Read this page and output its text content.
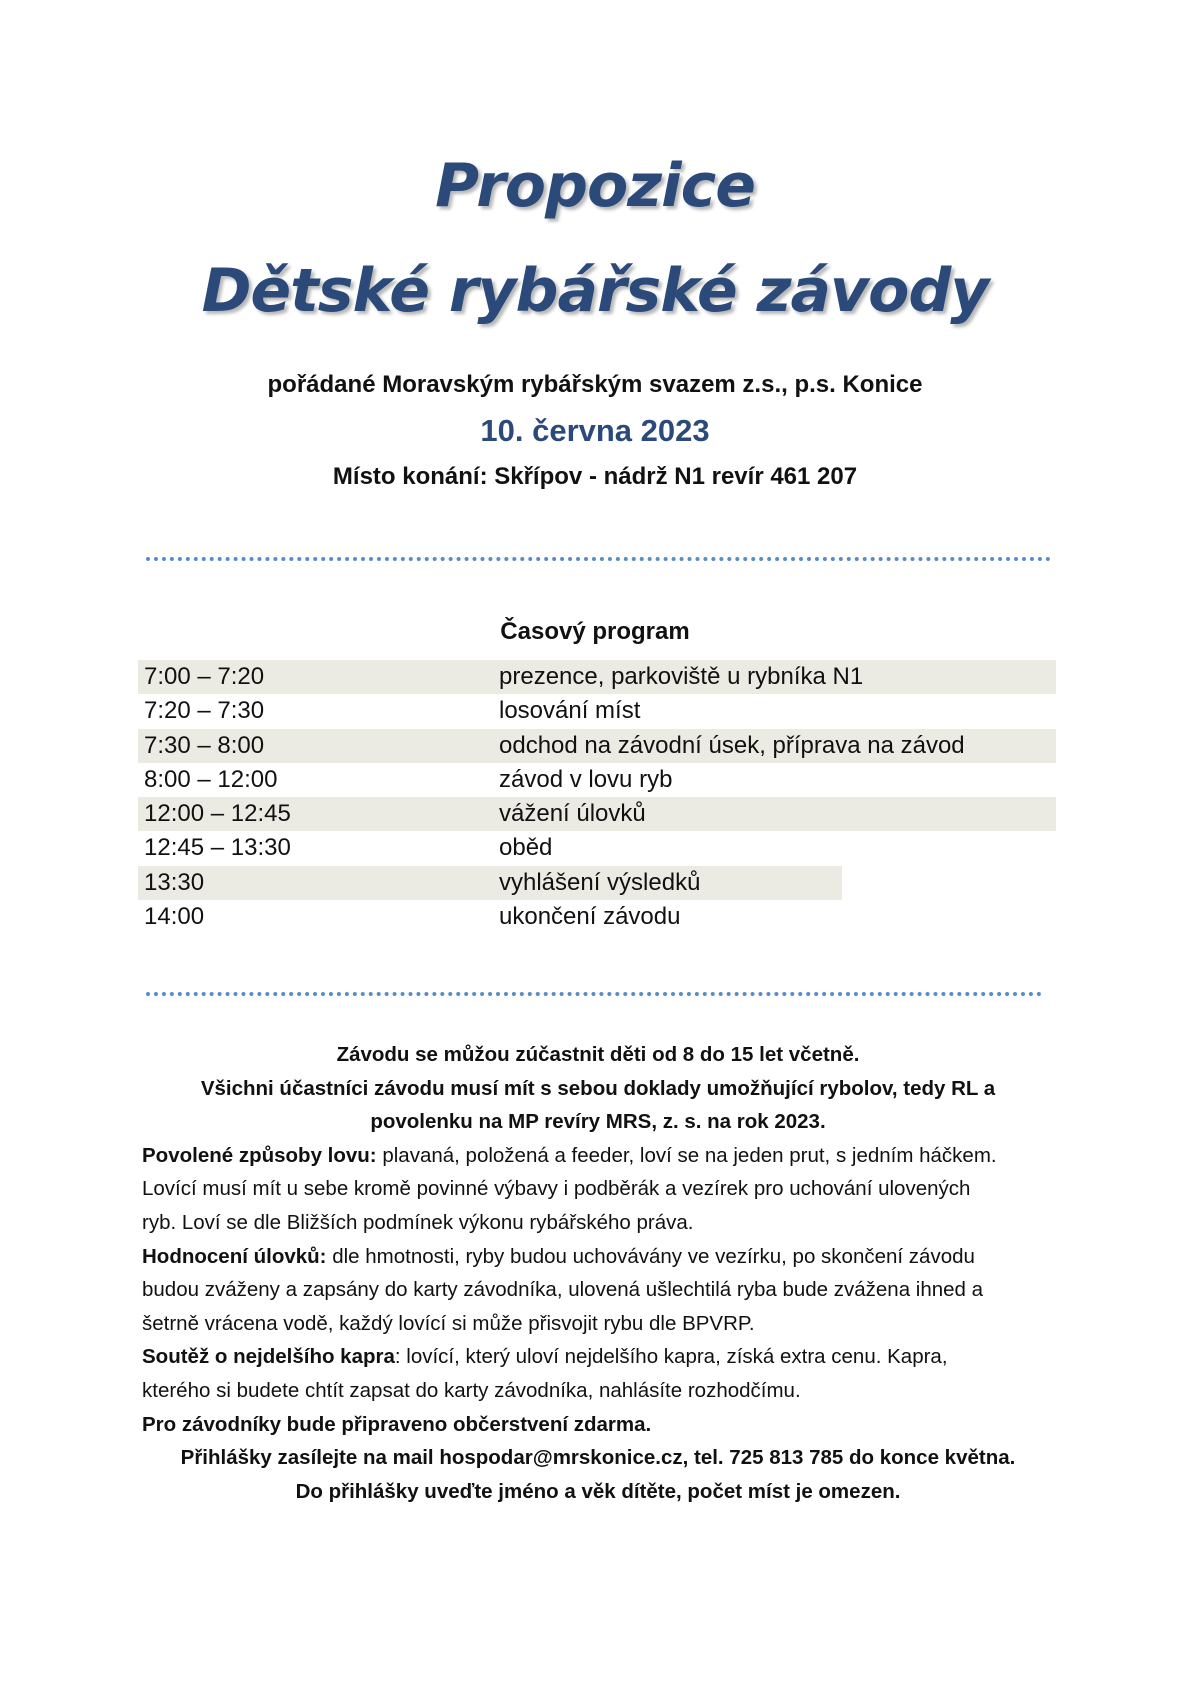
Propozice
Dětské rybářské závody
pořádané Moravským rybářským svazem z.s., p.s. Konice
10. června 2023
Místo konání: Skřípov - nádrž N1 revír 461 207
Časový program
7:00 – 7:20	prezence, parkoviště u rybníka N1
7:20 – 7:30	losování míst
7:30 – 8:00	odchod na závodní úsek, příprava na závod
8:00 – 12:00	závod v lovu ryb
12:00 – 12:45	vážení úlovků
12:45 – 13:30	oběd
13:30	vyhlášení výsledků
14:00	ukončení závodu

Závodu se můžou zúčastnit děti od 8 do 15 let včetně.

Všichni účastníci závodu musí mít s sebou doklady umožňující rybolov, tedy RL a

povolenku na MP revíry MRS, z. s. na rok 2023.

Povolené způsoby lovu: plavaná, položená a feeder, loví se na jeden prut, s jedním háčkem.

Lovící musí mít u sebe kromě povinné výbavy i podběrák a vezírek pro uchování ulovených

ryb. Loví se dle Bližších podmínek výkonu rybářského práva.

Hodnocení úlovků: dle hmotnosti, ryby budou uchovávány ve vezírku, po skončení závodu

budou zváženy a zapsány do karty závodníka, ulovená ušlechtilá ryba bude zvážena ihned a

šetrně vrácena vodě, každý lovící si může přisvojit rybu dle BPVRP.

Soutěž o nejdelšího kapra: lovící, který uloví nejdelšího kapra, získá extra cenu. Kapra,

kterého si budete chtít zapsat do karty závodníka, nahlásíte rozhodčímu.

Pro závodníky bude připraveno občerstvení zdarma.

Přihlášky zasílejte na mail hospodar@mrskonice.cz, tel. 725 813 785 do konce května.

Do přihlášky uveďte jméno a věk dítěte, počet míst je omezen.
